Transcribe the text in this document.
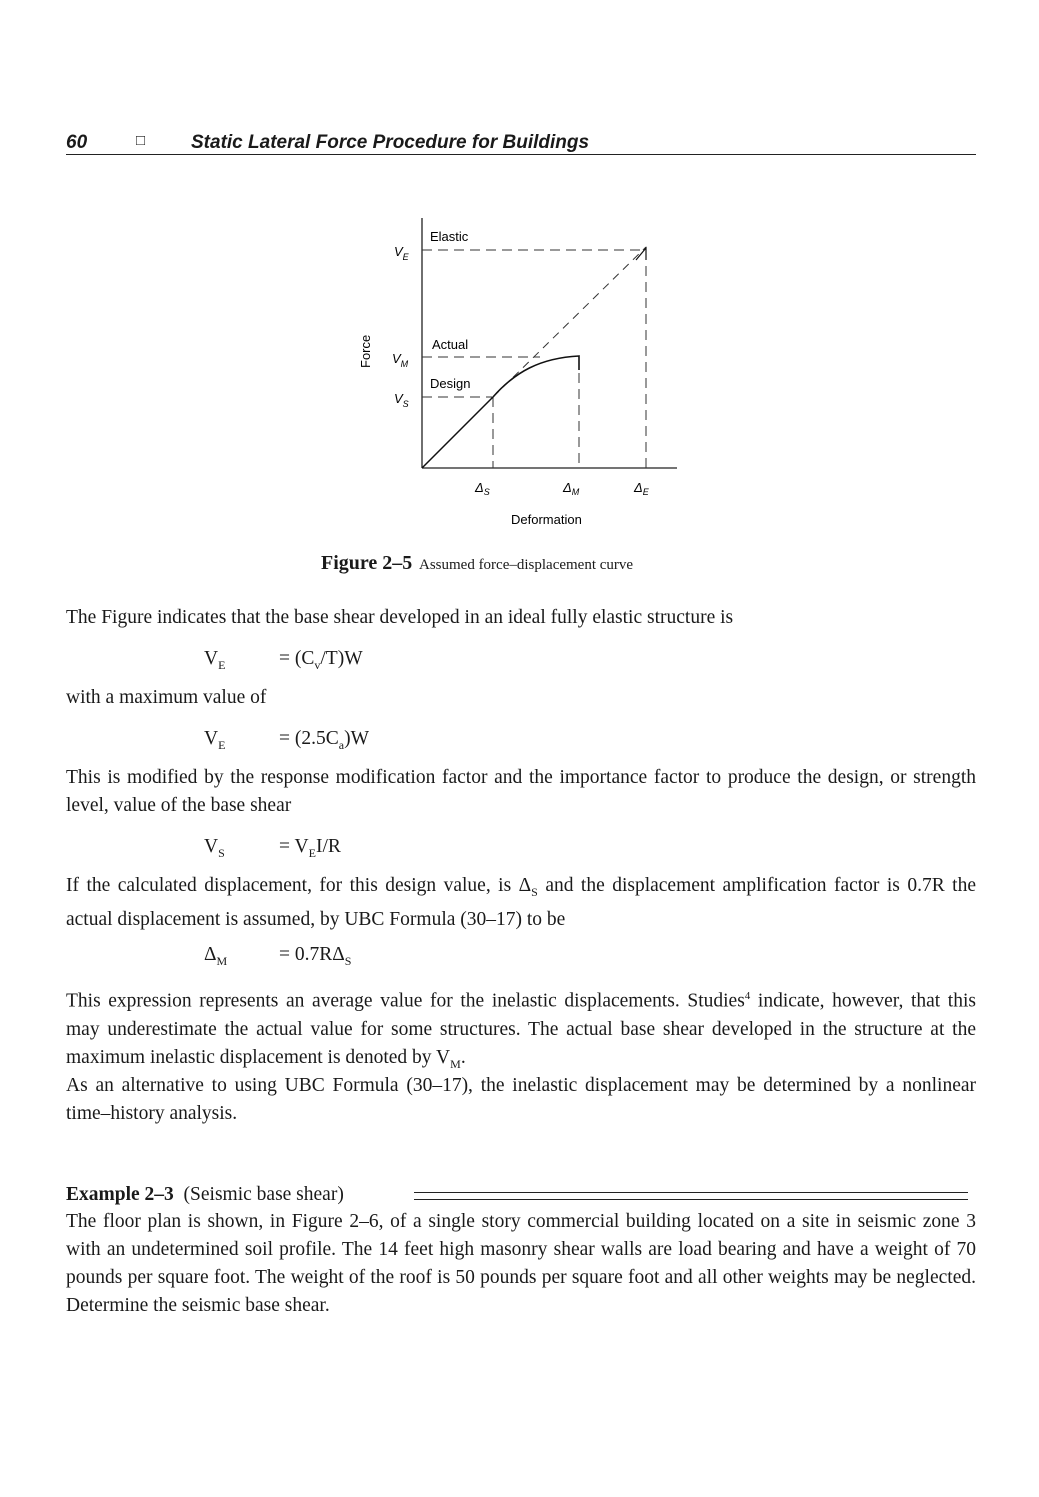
60	□ Static Lateral Force Procedure for Buildings
Force
Deformation
$V_E$
$V_M$
$V_S$
$\Delta_S$	$\Delta_M$	$\Delta_E$
Elastic
Actual
Design
Figure 2–5 Assumed force–displacement curve

The Figure indicates that the base shear developed in an ideal fully elastic structure is

$V_E$	= $(C_v/T)W$

with a maximum value of

$V_E$	= $(2.5C_a)W$

This is modified by the response modification factor and the importance factor to produce the design, or strength level, value of the base shear

$V_S$	= $V_EI/R$

If the calculated displacement, for this design value, is $\Delta_S$ and the displacement amplification factor is 0.7R the actual displacement is assumed, by UBC Formula (30–17) to be

$\Delta_M$	= $0.7R\Delta_S$

This expression represents an average value for the inelastic displacements. Studies$^4$ indicate, however, that this may underestimate the actual value for some structures. The actual base shear developed in the structure at the maximum inelastic displacement is denoted by $V_M$.

As an alternative to using UBC Formula (30–17), the inelastic displacement may be determined by a nonlinear time–history analysis.

Example 2–3 (Seismic base shear)

The floor plan is shown, in Figure 2–6, of a single story commercial building located on a site in seismic zone 3 with an undetermined soil profile. The 14 feet high masonry shear walls are load bearing and have a weight of 70 pounds per square foot. The weight of the roof is 50 pounds per square foot and all other weights may be neglected. Determine the seismic base shear.
